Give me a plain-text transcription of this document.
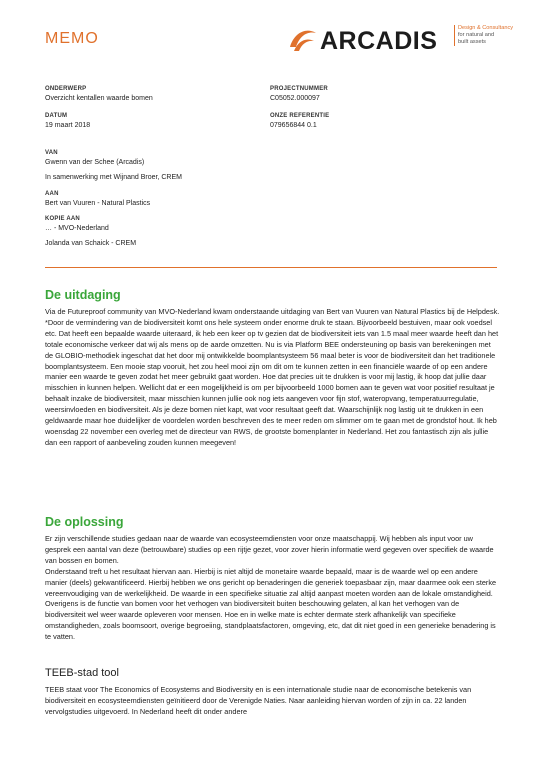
MEMO	ARCADIS	Design & Consultancy
for natural and
built assets
ONDERWERP
Overzicht kentallen waarde bomen
PROJECTNUMMER
C05052.000097
DATUM
19 maart 2018
ONZE REFERENTIE
079656844 0.1
VAN
Gwenn van der Schee (Arcadis)
In samenwerking met Wijnand Broer, CREM
AAN
Bert van Vuuren - Natural Plastics
KOPIE AAN
… - MVO-Nederland
Jolanda van Schaick - CREM
De uitdaging

Via de Futureproof community van MVO-Nederland kwam onderstaande uitdaging van Bert van Vuuren van Natural Plastics bij de Helpdesk.

*Door de vermindering van de biodiversiteit komt ons hele systeem onder enorme druk te staan. Bijvoorbeeld bestuiven, maar ook voedsel etc. Dat heeft een bepaalde waarde uiteraard, ik heb een keer op tv gezien dat de biodiversiteit iets van 1.5 maal meer waarde heeft dan het totale economische verkeer dat wij als mens op de aarde omzetten. Nu is via Platform BEE ondersteuning op basis van berekeningen met de GLOBIO-methodiek ingeschat dat het door mij ontwikkelde boomplantsysteem 56 maal beter is voor de biodiversiteit dan het traditionele boomplantsysteem. Een mooie stap vooruit, het zou heel mooi zijn om dit om te kunnen zetten in een financiële waarde of op een andere manier een waarde te geven zodat het meer gebruikt gaat worden. Hoe dat precies uit te drukken is voor mij lastig, ik hoop dat jullie daar misschien in kunnen helpen. Wellicht dat er een mogelijkheid is om per bijvoorbeeld 1000 bomen aan te geven wat voor positief resultaat je behaalt inzake de biodiversiteit, maar misschien kunnen jullie ook nog iets aangeven voor fijn stof, wateropvang, temperatuurregulatie, weersinvloeden en biodiversiteit. Als je deze bomen niet kapt, wat voor resultaat geeft dat. Waarschijnlijk nog lastig uit te drukken in een geldwaarde maar hoe duidelijker de voordelen worden beschreven des te meer reden om slimmer om te gaan met de grondstof hout. Ik heb woensdag 22 november een overleg met de directeur van RWS, de grootste bomenplanter in Nederland. Het zou fantastisch zijn als jullie dan een rapport of aanbeveling zouden kunnen meegeven!

De oplossing

Er zijn verschillende studies gedaan naar de waarde van ecosysteemdiensten voor onze maatschappij. Wij hebben als input voor uw gesprek een aantal van deze (betrouwbare) studies op een rijtje gezet, voor zover hierin informatie werd gegeven over specifiek de waarde van bossen en bomen.

Onderstaand treft u het resultaat hiervan aan. Hierbij is niet altijd de monetaire waarde bepaald, maar is de waarde wel op een andere manier (deels) gekwantificeerd. Hierbij hebben we ons gericht op benaderingen die generiek toepasbaar zijn, maar daarmee ook een sterke vereenvoudiging van de werkelijkheid. De waarde in een specifieke situatie zal altijd aanpast moeten worden aan de lokale omstandigheid.

Overigens is de functie van bomen voor het verhogen van biodiversiteit buiten beschouwing gelaten, al kan het verhogen van de biodiversiteit wel weer waarde opleveren voor mensen. Hoe en in welke mate is echter dermate sterk afhankelijk van specifieke omstandigheden, zoals boomsoort, overige begroeiing, standplaatsfactoren, omgeving, etc, dat dit niet goed in een generieke benadering is te vatten.

TEEB-stad tool

TEEB staat voor The Economics of Ecosystems and Biodiversity en is een internationale studie naar de economische betekenis van biodiversiteit en ecosysteemdiensten geïnitieerd door de Verenigde Naties. Naar aanleiding hiervan worden of zijn in ca. 22 landen vervolgstudies uitgevoerd. In Nederland heeft dit onder andere
